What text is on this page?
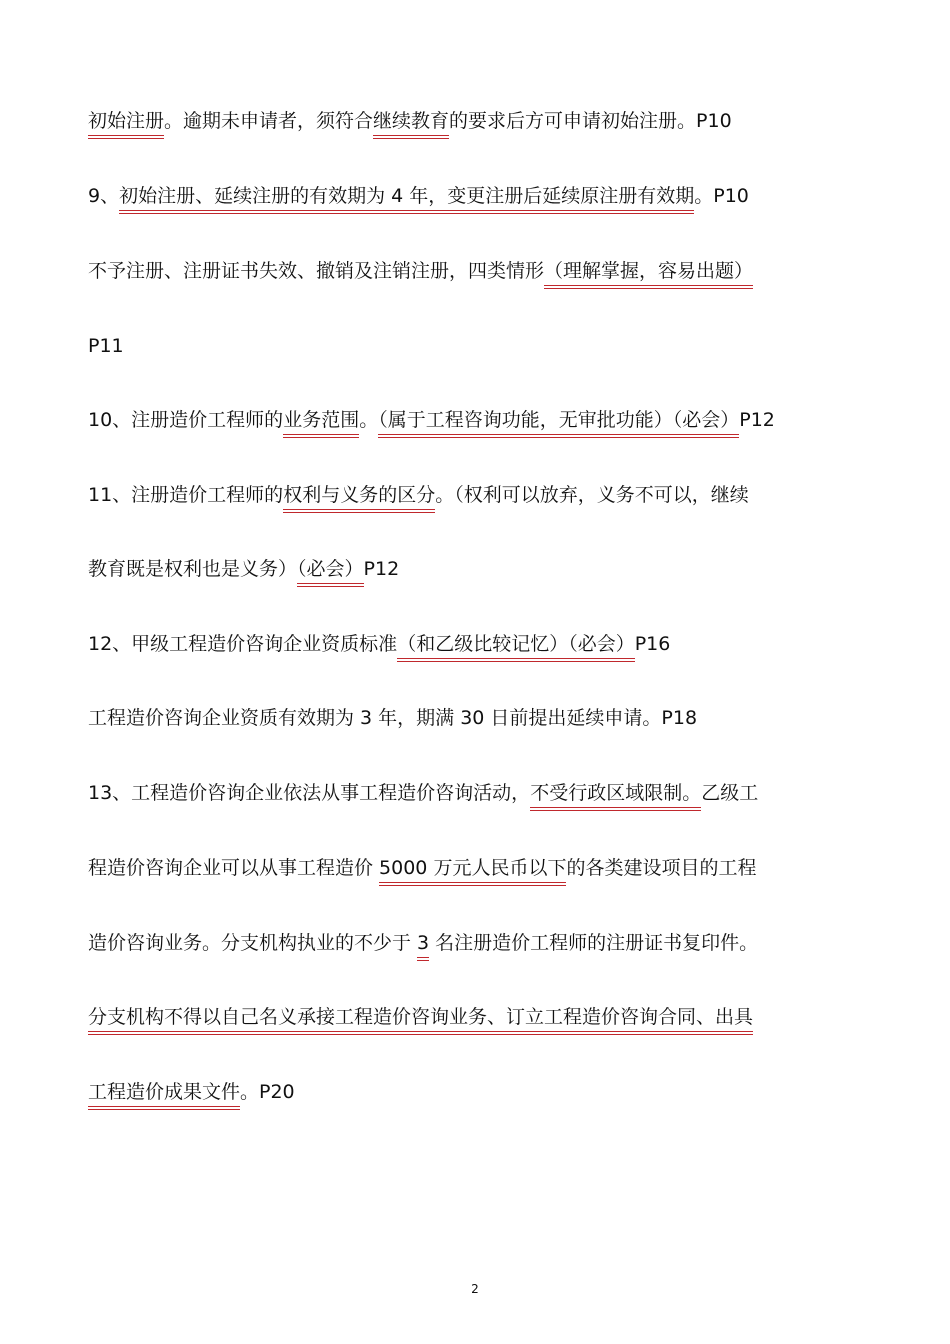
初始注册。逾期未申请者，须符合继续教育的要求后方可申请初始注册。P10
9、初始注册、延续注册的有效期为 4 年，变更注册后延续原注册有效期。P10
不予注册、注册证书失效、撤销及注销注册，四类情形（理解掌握，容易出题）
P11
10、注册造价工程师的业务范围。（属于工程咨询功能，无审批功能）（必会）P12
11、注册造价工程师的权利与义务的区分。（权利可以放弃，义务不可以，继续
教育既是权利也是义务）（必会）P12
12、甲级工程造价咨询企业资质标准（和乙级比较记忆）（必会）P16
工程造价咨询企业资质有效期为 3 年，期满 30 日前提出延续申请。P18
13、工程造价咨询企业依法从事工程造价咨询活动，不受行政区域限制。乙级工
程造价咨询企业可以从事工程造价 5000 万元人民币以下的各类建设项目的工程
造价咨询业务。分支机构执业的不少于 3 名注册造价工程师的注册证书复印件。
分支机构不得以自己名义承接工程造价咨询业务、订立工程造价咨询合同、出具
工程造价成果文件。P20
2
